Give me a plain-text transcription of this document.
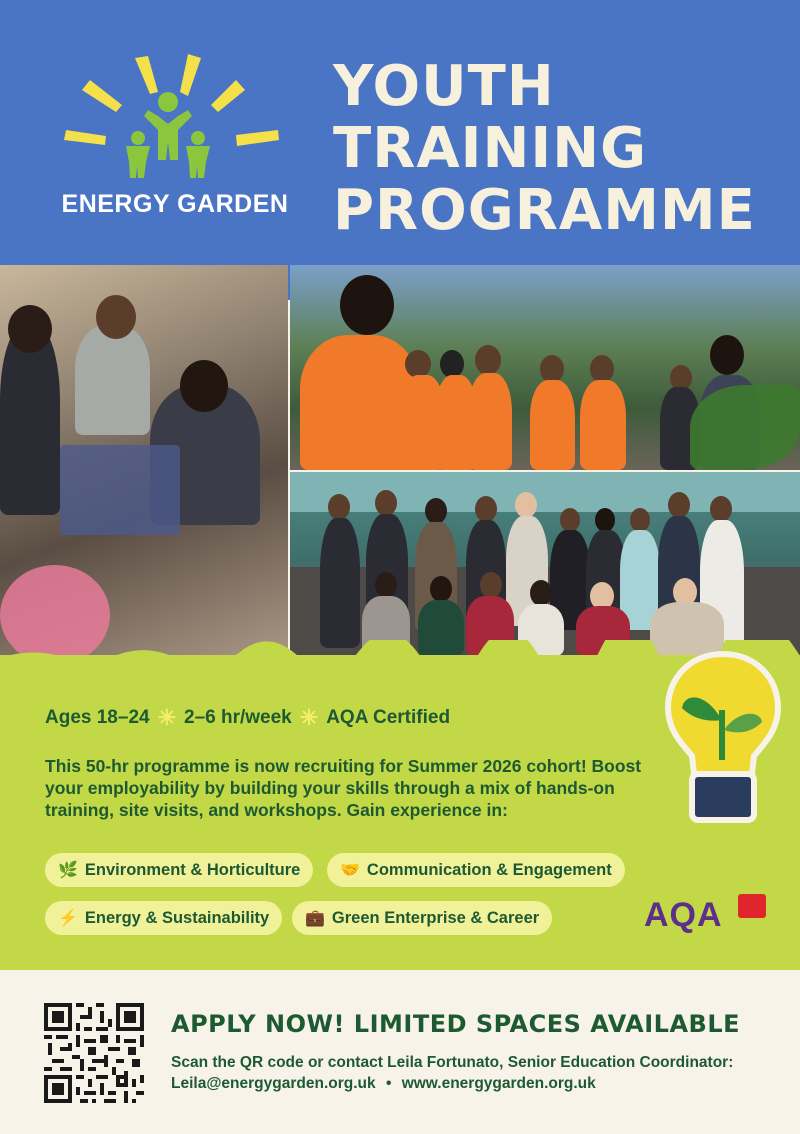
ENERGY GARDEN
YOUTH
TRAINING
PROGRAMME
Ages 18–24 ✳ 2–6 hr/week ✳ AQA Certified
This 50-hr programme is now recruiting for Summer 2026 cohort! Boost your employability by building your skills through a mix of hands-on training, site visits, and workshops. Gain experience in:
🌿 Environment & Horticulture 🤝 Communication & Engagement
⚡ Energy & Sustainability 💼 Green Enterprise & Career	AQA
APPLY NOW! LIMITED SPACES AVAILABLE
Scan the QR code or contact Leila Fortunato, Senior Education Coordinator:
Leila@energygarden.org.uk • www.energygarden.org.uk
